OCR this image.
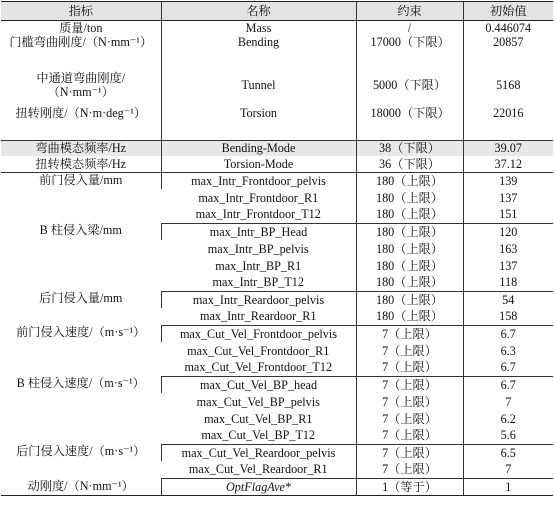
指标	名称	约束	初始值
质量/ton	Mass	/	0.446074
门槛弯曲刚度/（N·mm⁻¹）	Bending	17000（下限）	20857
中通道弯曲刚度/（N·mm⁻¹）	Tunnel	5000（下限）	5168
扭转刚度/（N·m·deg⁻¹）	Torsion	18000（下限）	22016
弯曲模态频率/Hz	Bending-Mode	38（下限）	39.07
扭转模态频率/Hz	Torsion-Mode	36（下限）	37.12
前门侵入量/mm	max_Intr_Frontdoor_pelvis	180（上限）	139
	max_Intr_Frontdoor_R1	180（上限）	137
	max_Intr_Frontdoor_T12	180（上限）	151
B 柱侵入梁/mm	max_Intr_BP_Head	180（上限）	120
	max_Intr_BP_pelvis	180（上限）	163
	max_Intr_BP_R1	180（上限）	137
	max_Intr_BP_T12	180（上限）	118
后门侵入量/mm	max_Intr_Reardoor_pelvis	180（上限）	54
	max_Intr_Reardoor_R1	180（上限）	158
前门侵入速度/（m·s⁻¹）	max_Cut_Vel_Frontdoor_pelvis	7（上限）	6.7
	max_Cut_Vel_Frontdoor_R1	7（上限）	6.3
	max_Cut_Vel_Frontdoor_T12	7（上限）	6.7
B 柱侵入速度/（m·s⁻¹）	max_Cut_Vel_BP_head	7（上限）	6.7
	max_Cut_Vel_BP_pelvis	7（上限）	7
	max_Cut_Vel_BP_R1	7（上限）	6.2
	max_Cut_Vel_BP_T12	7（上限）	5.6
后门侵入速度/（m·s⁻¹）	max_Cut_Vel_Reardoor_pelvis	7（上限）	6.5
	max_Cut_Vel_Reardoor_R1	7（上限）	7
动刚度/（N·mm⁻¹）	OptFlagAve*	1（等于）	1
